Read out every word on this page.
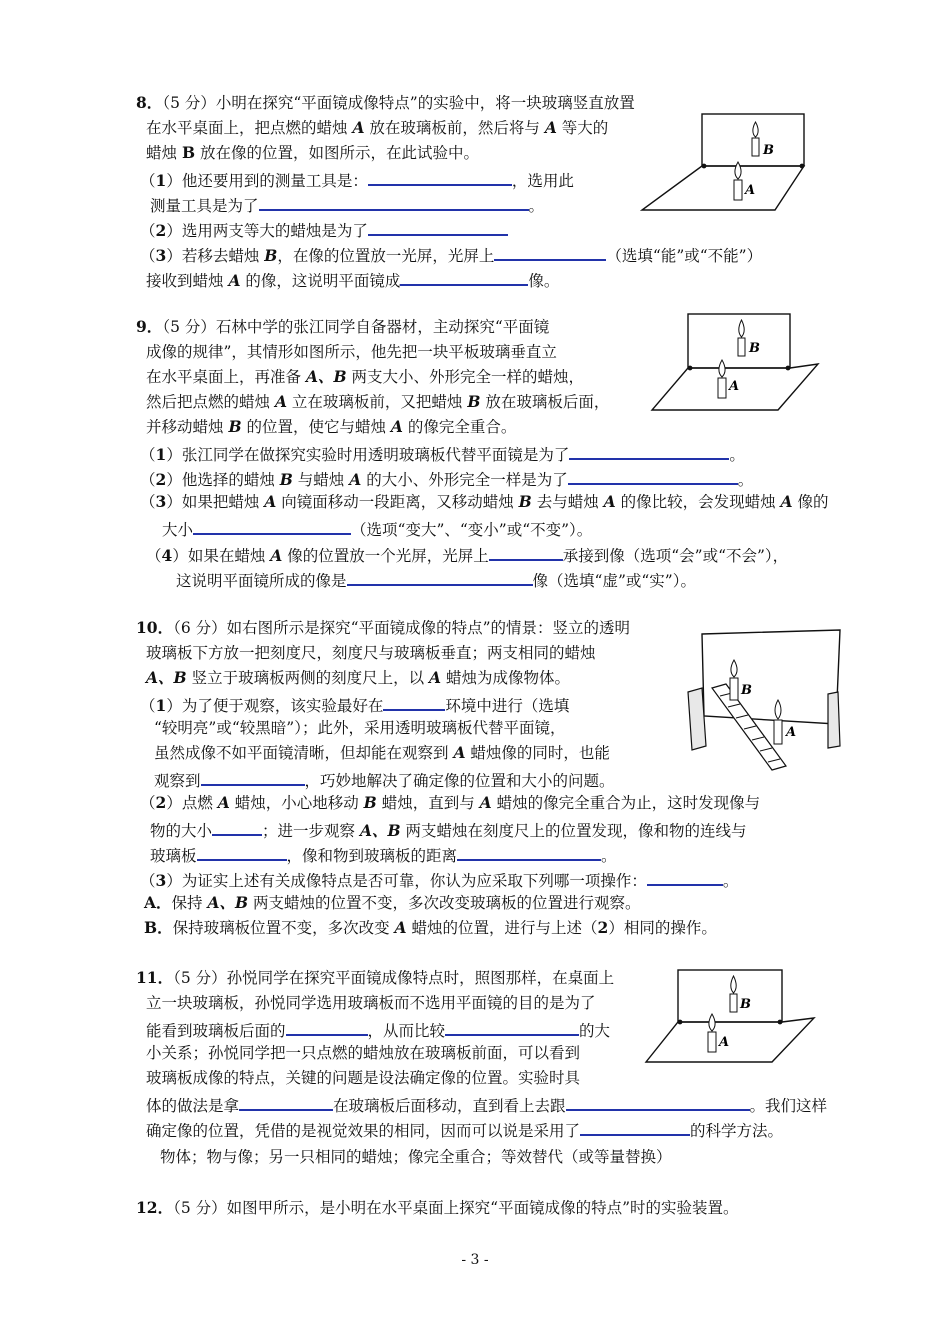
8．（5 分）小明在探究“平面镜成像特点”的实验中，将一块玻璃竖直放置
在水平桌面上，把点燃的蜡烛 A 放在玻璃板前，然后将与 A 等大的
蜡烛 B 放在像的位置，如图所示，在此试验中。
（1）他还要用到的测量工具是：	，选用此
测量工具是为了	。
（2）选用两支等大的蜡烛是为了
（3）若移去蜡烛 B，在像的位置放一光屏，光屏上	（选填“能”或“不能”）
接收到蜡烛 A 的像，这说明平面镜成	像。
B
A
9．（5 分）石林中学的张江同学自备器材，主动探究“平面镜
成像的规律”，其情形如图所示，他先把一块平板玻璃垂直立
在水平桌面上，再准备 A、B 两支大小、外形完全一样的蜡烛，
然后把点燃的蜡烛 A 立在玻璃板前，又把蜡烛 B 放在玻璃板后面，
并移动蜡烛 B 的位置，使它与蜡烛 A 的像完全重合。
（1）张江同学在做探究实验时用透明玻璃板代替平面镜是为了	。
（2）他选择的蜡烛 B 与蜡烛 A 的大小、外形完全一样是为了	。
（3）如果把蜡烛 A 向镜面移动一段距离，又移动蜡烛 B 去与蜡烛 A 的像比较，会发现蜡烛 A 像的
大小	（选项“变大”、“变小”或“不变”）。
（4）如果在蜡烛 A 像的位置放一个光屏，光屏上	承接到像（选项“会”或“不会”），
这说明平面镜所成的像是	像（选填“虚”或“实”）。
B
A
10．（6 分）如右图所示是探究“平面镜成像的特点”的情景：竖立的透明
玻璃板下方放一把刻度尺，刻度尺与玻璃板垂直；两支相同的蜡烛
A、B 竖立于玻璃板两侧的刻度尺上，以 A 蜡烛为成像物体。
（1）为了便于观察，该实验最好在	环境中进行（选填
“较明亮”或“较黑暗”）；此外，采用透明玻璃板代替平面镜，
虽然成像不如平面镜清晰，但却能在观察到 A 蜡烛像的同时，也能
观察到	，巧妙地解决了确定像的位置和大小的问题。
（2）点燃 A 蜡烛，小心地移动 B 蜡烛，直到与 A 蜡烛的像完全重合为止，这时发现像与
物的大小	；进一步观察 A、B 两支蜡烛在刻度尺上的位置发现，像和物的连线与
玻璃板	，像和物到玻璃板的距离	。
（3）为证实上述有关成像特点是否可靠，你认为应采取下列哪一项操作：	。
A．保持 A、B 两支蜡烛的位置不变，多次改变玻璃板的位置进行观察。
B．保持玻璃板位置不变，多次改变 A 蜡烛的位置，进行与上述（2）相同的操作。
B
A
11．（5 分）孙悦同学在探究平面镜成像特点时，照图那样，在桌面上
立一块玻璃板，孙悦同学选用玻璃板而不选用平面镜的目的是为了
能看到玻璃板后面的	，从而比较	的大
小关系；孙悦同学把一只点燃的蜡烛放在玻璃板前面，可以看到
玻璃板成像的特点，关键的问题是设法确定像的位置。实验时具
体的做法是拿	在玻璃板后面移动，直到看上去跟	。我们这样
确定像的位置，凭借的是视觉效果的相同，因而可以说是采用了	的科学方法。
物体；物与像；另一只相同的蜡烛；像完全重合；等效替代（或等量替换）
B
A
12．（5 分）如图甲所示，是小明在水平桌面上探究“平面镜成像的特点”时的实验装置。
- 3 -
